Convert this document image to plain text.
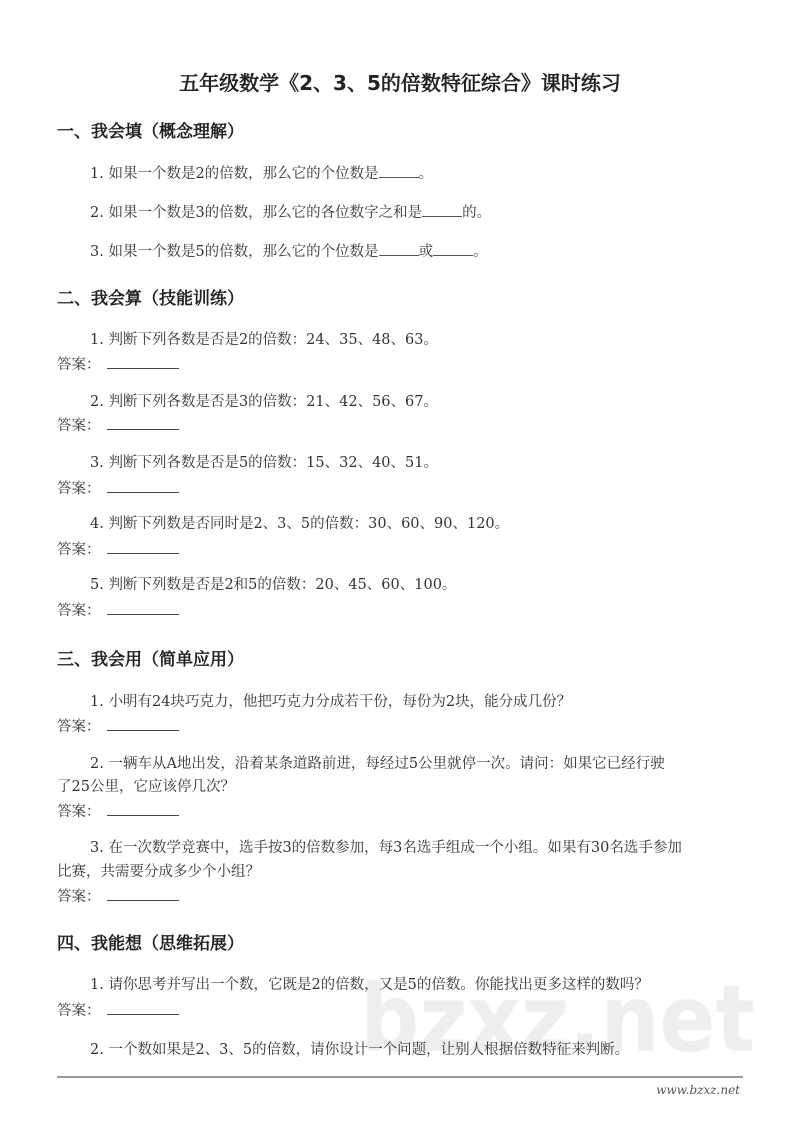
五年级数学《2、3、5的倍数特征综合》课时练习
一、我会填（概念理解）
1. 如果一个数是2的倍数，那么它的个位数是	。
2. 如果一个数是3的倍数，那么它的各位数字之和是	的。
3. 如果一个数是5的倍数，那么它的个位数是	或	。
二、我会算（技能训练）
1. 判断下列各数是否是2的倍数：24、35、48、63。
答案：
2. 判断下列各数是否是3的倍数：21、42、56、67。
答案：
3. 判断下列各数是否是5的倍数：15、32、40、51。
答案：
4. 判断下列数是否同时是2、3、5的倍数：30、60、90、120。
答案：
5. 判断下列数是否是2和5的倍数：20、45、60、100。
答案：
三、我会用（简单应用）
1. 小明有24块巧克力，他把巧克力分成若干份，每份为2块，能分成几份？
答案：
2. 一辆车从A地出发，沿着某条道路前进，每经过5公里就停一次。请问：如果它已经行驶
了25公里，它应该停几次？
答案：
3. 在一次数学竞赛中，选手按3的倍数参加，每3名选手组成一个小组。如果有30名选手参加
比赛，共需要分成多少个小组？
答案：
四、我能想（思维拓展）
1. 请你思考并写出一个数，它既是2的倍数，又是5的倍数。你能找出更多这样的数吗？
答案：
2. 一个数如果是2、3、5的倍数，请你设计一个问题，让别人根据倍数特征来判断。
www.bzxz.net
